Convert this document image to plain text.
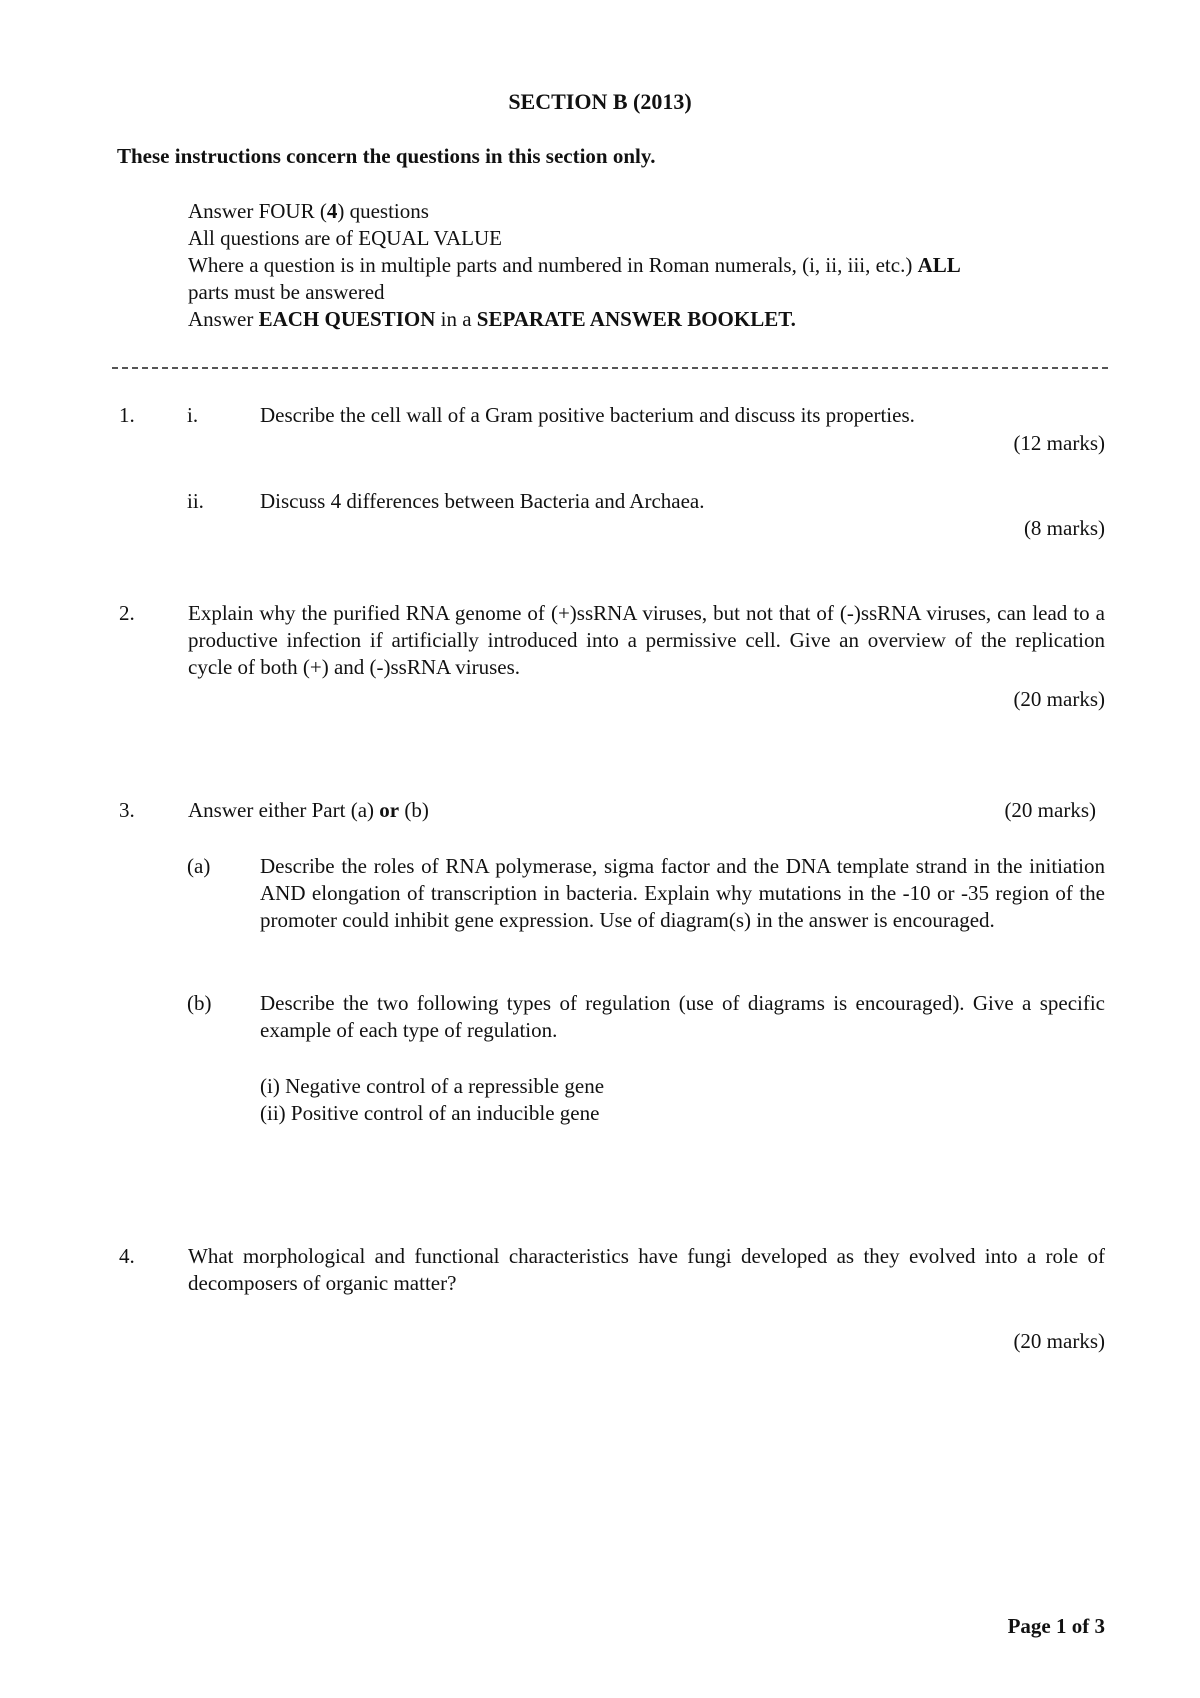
SECTION B (2013)
These instructions concern the questions in this section only.

Answer FOUR (4) questions

All questions are of EQUAL VALUE

Where a question is in multiple parts and numbered in Roman numerals, (i, ii, iii, etc.) ALL

parts must be answered

Answer EACH QUESTION in a SEPARATE ANSWER BOOKLET.

1. i.	Describe the cell wall of a Gram positive bacterium and discuss its properties.
(12 marks)
ii.	Discuss 4 differences between Bacteria and Archaea.
(8 marks)
2.	Explain why the purified RNA genome of (+)ssRNA viruses, but not that of (-)ssRNA viruses, can lead to a productive infection if artificially introduced into a permissive cell. Give an overview of the replication cycle of both (+) and (-)ssRNA viruses.
(20 marks)
3.	Answer either Part (a) or (b)	(20 marks)
(a) Describe the roles of RNA polymerase, sigma factor and the DNA template strand in the initiation AND elongation of transcription in bacteria. Explain why mutations in the -10 or -35 region of the promoter could inhibit gene expression. Use of diagram(s) in the answer is encouraged.
(b) Describe the two following types of regulation (use of diagrams is encouraged). Give a specific example of each type of regulation.

(i) Negative control of a repressible gene

(ii) Positive control of an inducible gene

4.	What morphological and functional characteristics have fungi developed as they evolved into a role of decomposers of organic matter?
(20 marks)
Page 1 of 3
